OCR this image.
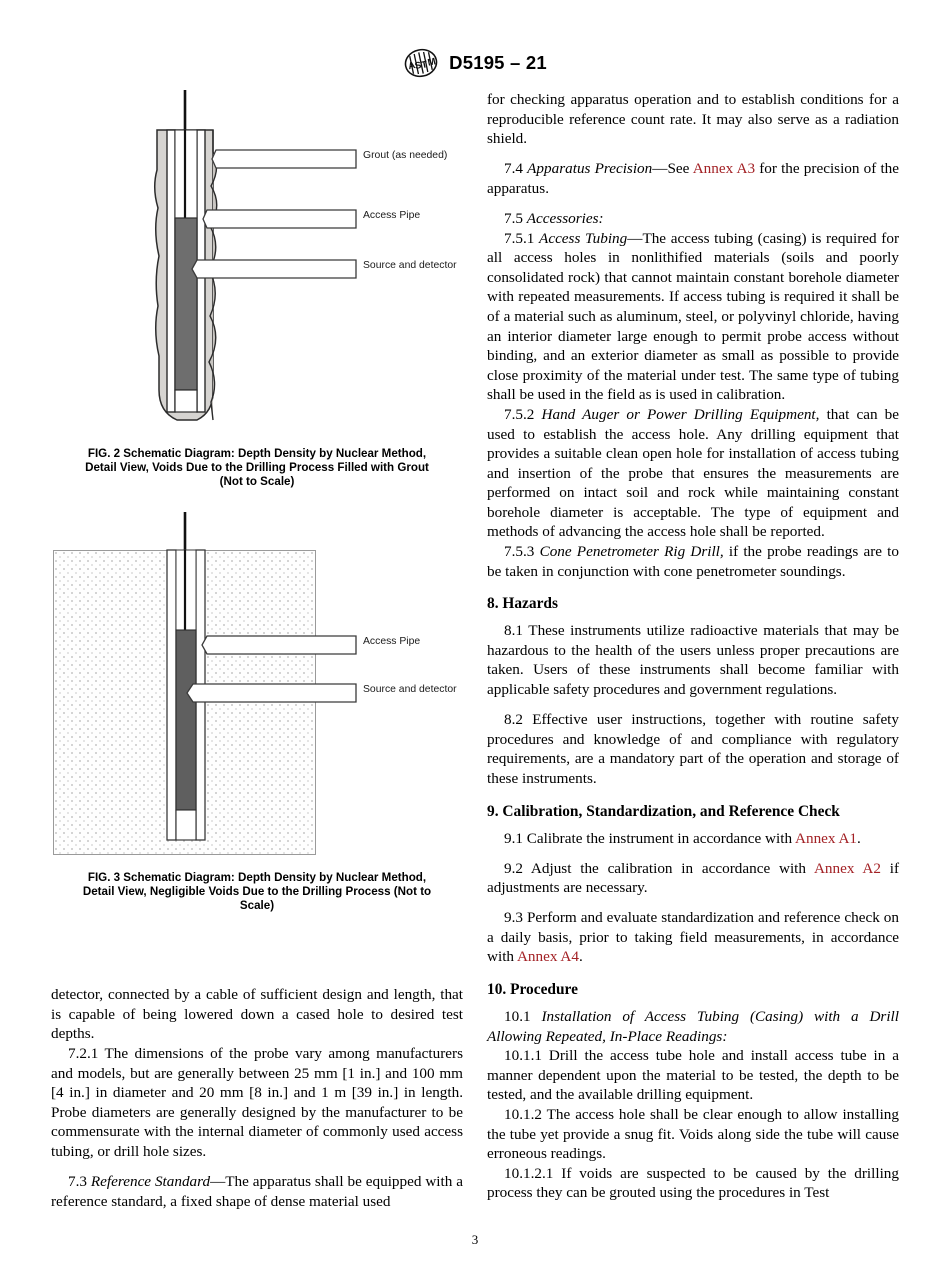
A
S
T
M D5195 – 21
Grout (as needed)
Access Pipe
Source and detector
FIG. 2 Schematic Diagram: Depth Density by Nuclear Method,
Detail View, Voids Due to the Drilling Process Filled with Grout
(Not to Scale)
Access Pipe
Source and detector
FIG. 3 Schematic Diagram: Depth Density by Nuclear Method,
Detail View, Negligible Voids Due to the Drilling Process (Not to
Scale)

detector, connected by a cable of sufficient design and length, that is capable of being lowered down a cased hole to desired test depths.

7.2.1 The dimensions of the probe vary among manufacturers and models, but are generally between 25 mm [1 in.] and 100 mm [4 in.] in diameter and 20 mm [8 in.] and 1 m [39 in.] in length. Probe diameters are generally designed by the manufacturer to be commensurate with the internal diameter of commonly used access tubing, or drill hole sizes.

7.3 Reference Standard—The apparatus shall be equipped with a reference standard, a fixed shape of dense material used

for checking apparatus operation and to establish conditions for a reproducible reference count rate. It may also serve as a radiation shield.

7.4 Apparatus Precision—See Annex A3 for the precision of the apparatus.

7.5 Accessories:

7.5.1 Access Tubing—The access tubing (casing) is required for all access holes in nonlithified materials (soils and poorly consolidated rock) that cannot maintain constant borehole diameter with repeated measurements. If access tubing is required it shall be of a material such as aluminum, steel, or polyvinyl chloride, having an interior diameter large enough to permit probe access without binding, and an exterior diameter as small as possible to provide close proximity of the material under test. The same type of tubing shall be used in the field as is used in calibration.

7.5.2 Hand Auger or Power Drilling Equipment, that can be used to establish the access hole. Any drilling equipment that provides a suitable clean open hole for installation of access tubing and insertion of the probe that ensures the measurements are performed on intact soil and rock while maintaining constant borehole diameter is acceptable. The type of equipment and methods of advancing the access hole shall be reported.

7.5.3 Cone Penetrometer Rig Drill, if the probe readings are to be taken in conjunction with cone penetrometer soundings.

8. Hazards

8.1 These instruments utilize radioactive materials that may be hazardous to the health of the users unless proper precautions are taken. Users of these instruments shall become familiar with applicable safety procedures and government regulations.

8.2 Effective user instructions, together with routine safety procedures and knowledge of and compliance with regulatory requirements, are a mandatory part of the operation and storage of these instruments.

9. Calibration, Standardization, and Reference Check

9.1 Calibrate the instrument in accordance with Annex A1.

9.2 Adjust the calibration in accordance with Annex A2 if adjustments are necessary.

9.3 Perform and evaluate standardization and reference check on a daily basis, prior to taking field measurements, in accordance with Annex A4.

10. Procedure

10.1 Installation of Access Tubing (Casing) with a Drill Allowing Repeated, In-Place Readings:

10.1.1 Drill the access tube hole and install access tube in a manner dependent upon the material to be tested, the depth to be tested, and the available drilling equipment.

10.1.2 The access hole shall be clear enough to allow installing the tube yet provide a snug fit. Voids along side the tube will cause erroneous readings.

10.1.2.1 If voids are suspected to be caused by the drilling process they can be grouted using the procedures in Test

3
